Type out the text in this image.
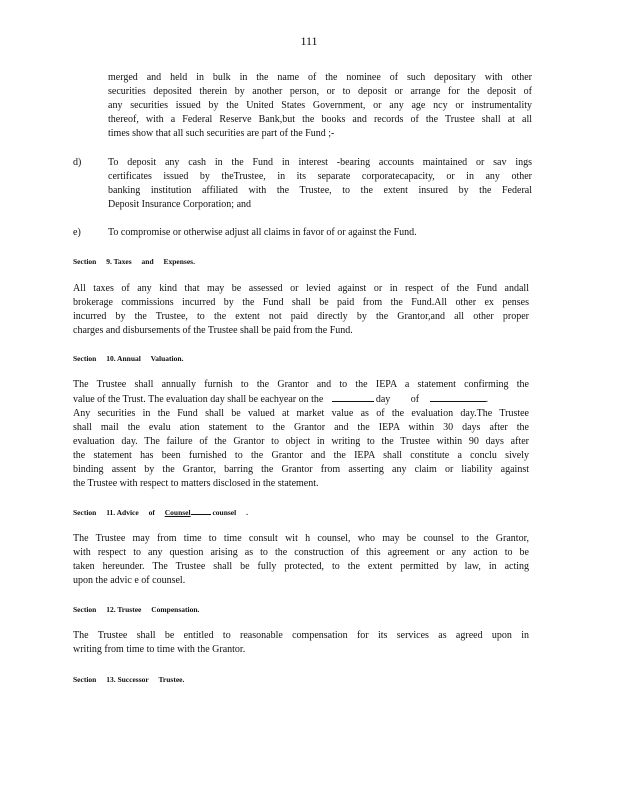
111
merged and held in bulk in the name of the nominee of such depositary with other
securities deposited therein by another person, or to deposit or arrange for the deposit of
any securities issued by the United States Government, or any age ncy or instrumentality
thereof, with a Federal Reserve Bank,but the books and records of the Trustee shall at all
times show that all such securities are part of the Fund ;-
d)	To deposit any cash in the Fund in interest -bearing accounts maintained or sav ings
certificates issued by theTrustee, in its separate corporatecapacity, or in any other
banking institution affiliated with the Trustee, to the extent insured by the Federal
Deposit Insurance Corporation; and
e)	To compromise or otherwise adjust all claims in favor of or against the Fund.
Section 9. Taxes and Expenses.
All taxes of any kind that may be assessed or levied against or in respect of the Fund andall
brokerage commissions incurred by the Fund shall be paid from the Fund.All other ex penses
incurred by the Trustee, to the extent not paid directly by the Grantor,and all other proper
charges and disbursements of the Trustee shall be paid from the Fund.
Section 10. Annual Valuation.
The Trustee shall annually furnish to the Grantor and to the IEPA a statement confirming the
value of the Trust. The evaluation day shall be eachyear on the	day of	.
Any securities in the Fund shall be valued at market value as of the evaluation day.The Trustee
shall mail the evalu ation statement to the Grantor and the IEPA within 30 days after the
evaluation day. The failure of the Grantor to object in writing to the Trustee within 90 days after
the statement has been furnished to the Grantor and the IEPA shall constitute a conclu sively
binding assent by the Grantor, barring the Grantor from asserting any claim or liability against
the Trustee with respect to matters disclosed in the statement.
Section 11. Advice of Counsel	counsel .
The Trustee may from time to time consult wit h counsel, who may be counsel to the Grantor,
with respect to any question arising as to the construction of this agreement or any action to be
taken hereunder. The Trustee shall be fully protected, to the extent permitted by law, in acting
upon the advic e of counsel.
Section 12. Trustee Compensation.
The Trustee shall be entitled to reasonable compensation for its services as agreed upon in
writing from time to time with the Grantor.
Section 13. Successor Trustee.
